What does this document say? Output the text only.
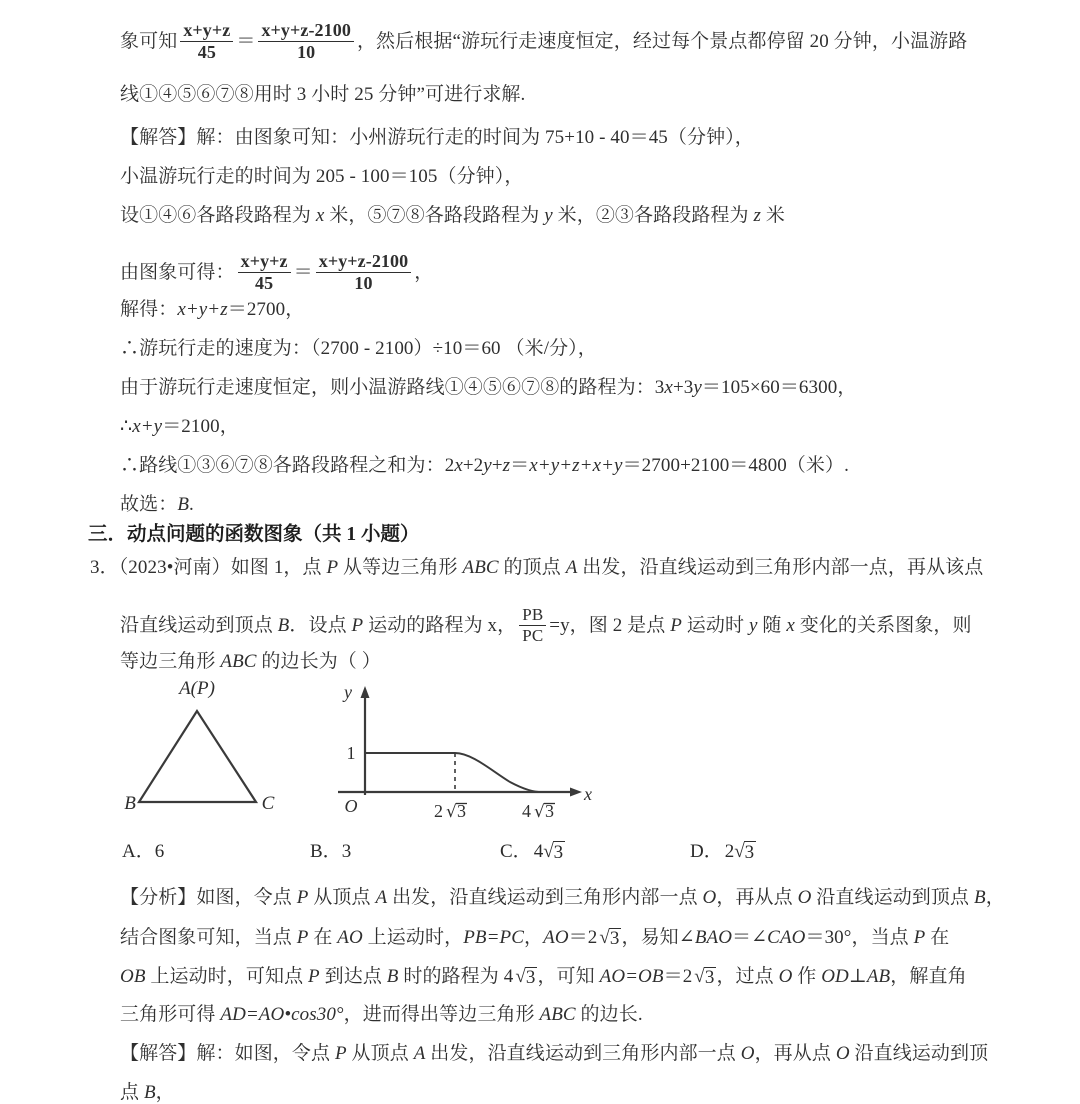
象可知 $\frac{x+y+z}{45} = \frac{x+y+z-2100}{10}$ ，然后根据“游玩行走速度恒定，经过每个景点都停留 20 分钟，小温游路
线①④⑤⑥⑦⑧用时 3 小时 25 分钟”可进行求解.
【解答】解：由图象可知：小州游玩行走的时间为 75+10 - 40＝45（分钟），
小温游玩行走的时间为 205 - 100＝105（分钟），
设①④⑥各路段路程为 x 米，⑤⑦⑧各路段路程为 y 米，②③各路段路程为 z 米
由图象可得： $\frac{x+y+z}{45} = \frac{x+y+z-2100}{10}$ ，
解得：x+y+z＝2700，
∴游玩行走的速度为：（2700 - 2100）÷10＝60 （米/分），
由于游玩行走速度恒定，则小温游路线①④⑤⑥⑦⑧的路程为：3x+3y＝105×60＝6300，
∴x+y＝2100，
∴路线①③⑥⑦⑧各路段路程之和为：2x+2y+z＝x+y+z+x+y＝2700+2100＝4800（米）.
故选：B.
三．动点问题的函数图象（共 1 小题）
3．（2023•河南）如图 1，点 P 从等边三角形 ABC 的顶点 A 出发，沿直线运动到三角形内部一点，再从该点
沿直线运动到顶点 B．设点 P 运动的路程为 x， $\frac{PB}{PC} =y$，图 2 是点 P 运动时 y 随 x 变化的关系图象，则
等边三角形 ABC 的边长为（ ）
A(P)
B	C
y
x
O
1
2 √ 3	4 √ 3
A．6	B．3	C． 4√3	D． 2√3
【分析】如图，令点 P 从顶点 A 出发，沿直线运动到三角形内部一点 O，再从点 O 沿直线运动到顶点 B，
结合图象可知，当点 P 在 AO 上运动时，PB=PC，AO＝2 √3 ，易知∠BAO＝∠CAO＝30°，当点 P 在
OB 上运动时，可知点 P 到达点 B 时的路程为 4 √3 ，可知 AO=OB＝2 √3 ，过点 O 作 OD⊥AB，解直角
三角形可得 AD=AO•cos30°，进而得出等边三角形 ABC 的边长.
【解答】解：如图，令点 P 从顶点 A 出发，沿直线运动到三角形内部一点 O，再从点 O 沿直线运动到顶
点 B，
